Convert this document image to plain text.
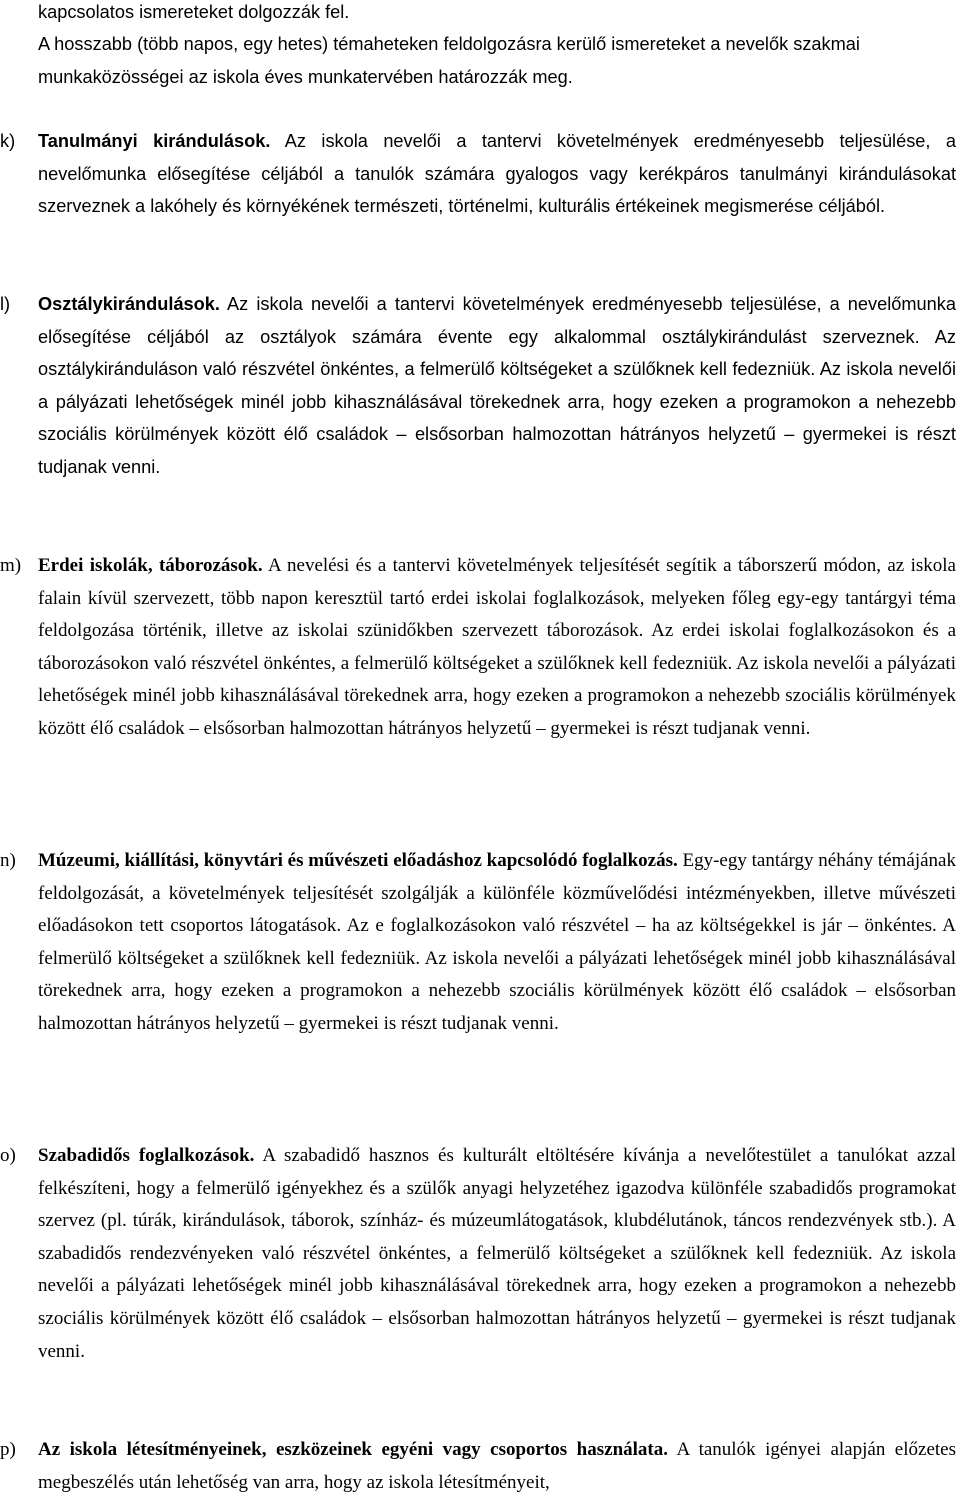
kapcsolatos ismereteket dolgozzák fel.

A hosszabb (több napos, egy hetes) témaheteken feldolgozásra kerülő ismereteket a nevelők szakmai munkaközösségei az iskola éves munkatervében határozzák meg.

k)	Tanulmányi kirándulások. Az iskola nevelői a tantervi követelmények eredményesebb teljesülése, a nevelőmunka elősegítése céljából a tanulók számára gyalogos vagy kerékpáros tanulmányi kirándulásokat szerveznek a lakóhely és környékének természeti, történelmi, kulturális értékeinek megismerése céljából.

l)	Osztálykirándulások. Az iskola nevelői a tantervi követelmények eredményesebb teljesülése, a nevelőmunka elősegítése céljából az osztályok számára évente egy alkalommal osztálykirándulást szerveznek. Az osztálykiránduláson való részvétel önkéntes, a felmerülő költségeket a szülőknek kell fedezniük. Az iskola nevelői a pályázati lehetőségek minél jobb kihasználásával törekednek arra, hogy ezeken a programokon a nehezebb szociális körülmények között élő családok – elsősorban halmozottan hátrányos helyzetű – gyermekei is részt tudjanak venni.

m) Erdei iskolák, táborozások. A nevelési és a tantervi követelmények teljesítését segítik a táborszerű módon, az iskola falain kívül szervezett, több napon keresztül tartó erdei iskolai foglalkozások, melyeken főleg egy-egy tantárgyi téma feldolgozása történik, illetve az iskolai szünidőkben szervezett táborozások. Az erdei iskolai foglalkozásokon és a táborozásokon való részvétel önkéntes, a felmerülő költségeket a szülőknek kell fedezniük. Az iskola nevelői a pályázati lehetőségek minél jobb kihasználásával törekednek arra, hogy ezeken a programokon a nehezebb szociális körülmények között élő családok – elsősorban halmozottan hátrányos helyzetű – gyermekei is részt tudjanak venni.

n)	Múzeumi, kiállítási, könyvtári és művészeti előadáshoz kapcsolódó foglalkozás. Egy-egy tantárgy néhány témájának feldolgozását, a követelmények teljesítését szolgálják a különféle közművelődési intézményekben, illetve művészeti előadásokon tett csoportos látogatások. Az e foglalkozásokon való részvétel – ha az költségekkel is jár – önkéntes. A felmerülő költségeket a szülőknek kell fedezniük. Az iskola nevelői a pályázati lehetőségek minél jobb kihasználásával törekednek arra, hogy ezeken a programokon a nehezebb szociális körülmények között élő családok – elsősorban halmozottan hátrányos helyzetű – gyermekei is részt tudjanak venni.

o)	Szabadidős foglalkozások. A szabadidő hasznos és kulturált eltöltésére kívánja a nevelőtestület a tanulókat azzal felkészíteni, hogy a felmerülő igényekhez és a szülők anyagi helyzetéhez igazodva különféle szabadidős programokat szervez (pl. túrák, kirándulások, táborok, színház- és múzeumlátogatások, klubdélutánok, táncos rendezvények stb.). A szabadidős rendezvényeken való részvétel önkéntes, a felmerülő költségeket a szülőknek kell fedezniük. Az iskola nevelői a pályázati lehetőségek minél jobb kihasználásával törekednek arra, hogy ezeken a programokon a nehezebb szociális körülmények között élő családok – elsősorban halmozottan hátrányos helyzetű – gyermekei is részt tudjanak venni.

p)	Az iskola létesítményeinek, eszközeinek egyéni vagy csoportos használata. A tanulók igényei alapján előzetes megbeszélés után lehetőség van arra, hogy az iskola létesítményeit,
